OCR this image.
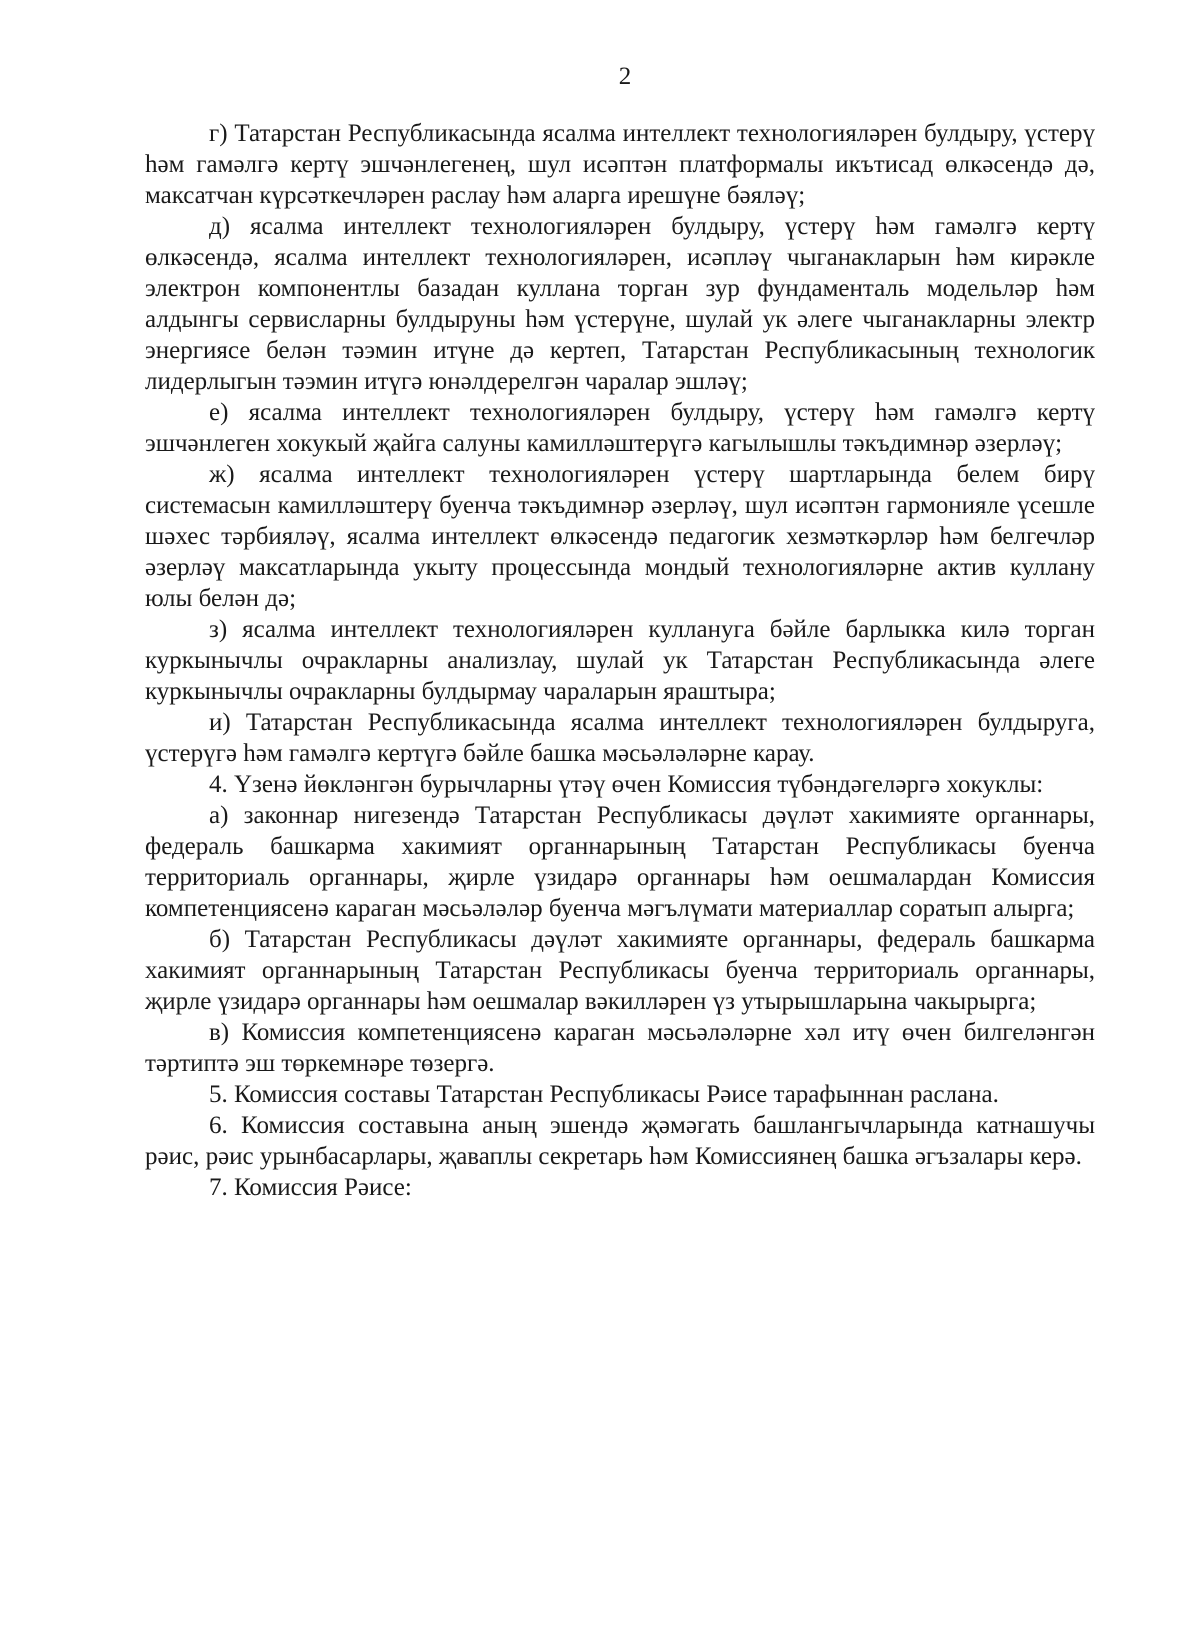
2

г) Татарстан Республикасында ясалма интеллект технологияләрен булдыру, үстерү һәм гамәлгә кертү эшчәнлегенең, шул исәптән платформалы икътисад өлкәсендә дә, максатчан күрсәткечләрен раслау һәм аларга ирешүне бәяләү;

д) ясалма интеллект технологияләрен булдыру, үстерү һәм гамәлгә кертү өлкәсендә, ясалма интеллект технологияләрен, исәпләү чыганакларын һәм кирәкле электрон компонентлы базадан куллана торган зур фундаменталь модельләр һәм алдынгы сервисларны булдыруны һәм үстерүне, шулай ук әлеге чыганакларны электр энергиясе белән тәэмин итүне дә кертеп, Татарстан Республикасының технологик лидерлыгын тәэмин итүгә юнәлдерелгән чаралар эшләү;

е) ясалма интеллект технологияләрен булдыру, үстерү һәм гамәлгә кертү эшчәнлеген хокукый җайга салуны камилләштерүгә кагылышлы тәкъдимнәр әзерләү;

ж) ясалма интеллект технологияләрен үстерү шартларында белем бирү системасын камилләштерү буенча тәкъдимнәр әзерләү, шул исәптән гармонияле үсешле шәхес тәрбияләү, ясалма интеллект өлкәсендә педагогик хезмәткәрләр һәм белгечләр әзерләү максатларында укыту процессында мондый технологияләрне актив куллану юлы белән дә;

з) ясалма интеллект технологияләрен куллануга бәйле барлыкка килә торган куркынычлы очракларны анализлау, шулай ук Татарстан Республикасында әлеге куркынычлы очракларны булдырмау чараларын яраштыра;

и) Татарстан Республикасында ясалма интеллект технологияләрен булдыруга, үстерүгә һәм гамәлгә кертүгә бәйле башка мәсьәләләрне карау.

4. Үзенә йөкләнгән бурычларны үтәү өчен Комиссия түбәндәгеләргә хокуклы:

а) законнар нигезендә Татарстан Республикасы дәүләт хакимияте органнары, федераль башкарма хакимият органнарының Татарстан Республикасы буенча территориаль органнары, җирле үзидарә органнары һәм оешмалардан Комиссия компетенциясенә караган мәсьәләләр буенча мәгълүмати материаллар соратып алырга;

б) Татарстан Республикасы дәүләт хакимияте органнары, федераль башкарма хакимият органнарының Татарстан Республикасы буенча территориаль органнары, җирле үзидарә органнары һәм оешмалар вәкилләрен үз утырышларына чакырырга;

в) Комиссия компетенциясенә караган мәсьәләләрне хәл итү өчен билгеләнгән тәртиптә эш төркемнәре төзергә.

5. Комиссия составы Татарстан Республикасы Рәисе тарафыннан раслана.

6. Комиссия составына аның эшендә җәмәгать башлангычларында катнашучы рәис, рәис урынбасарлары, җаваплы секретарь һәм Комиссиянең башка әгъзалары керә.

7. Комиссия Рәисе:
